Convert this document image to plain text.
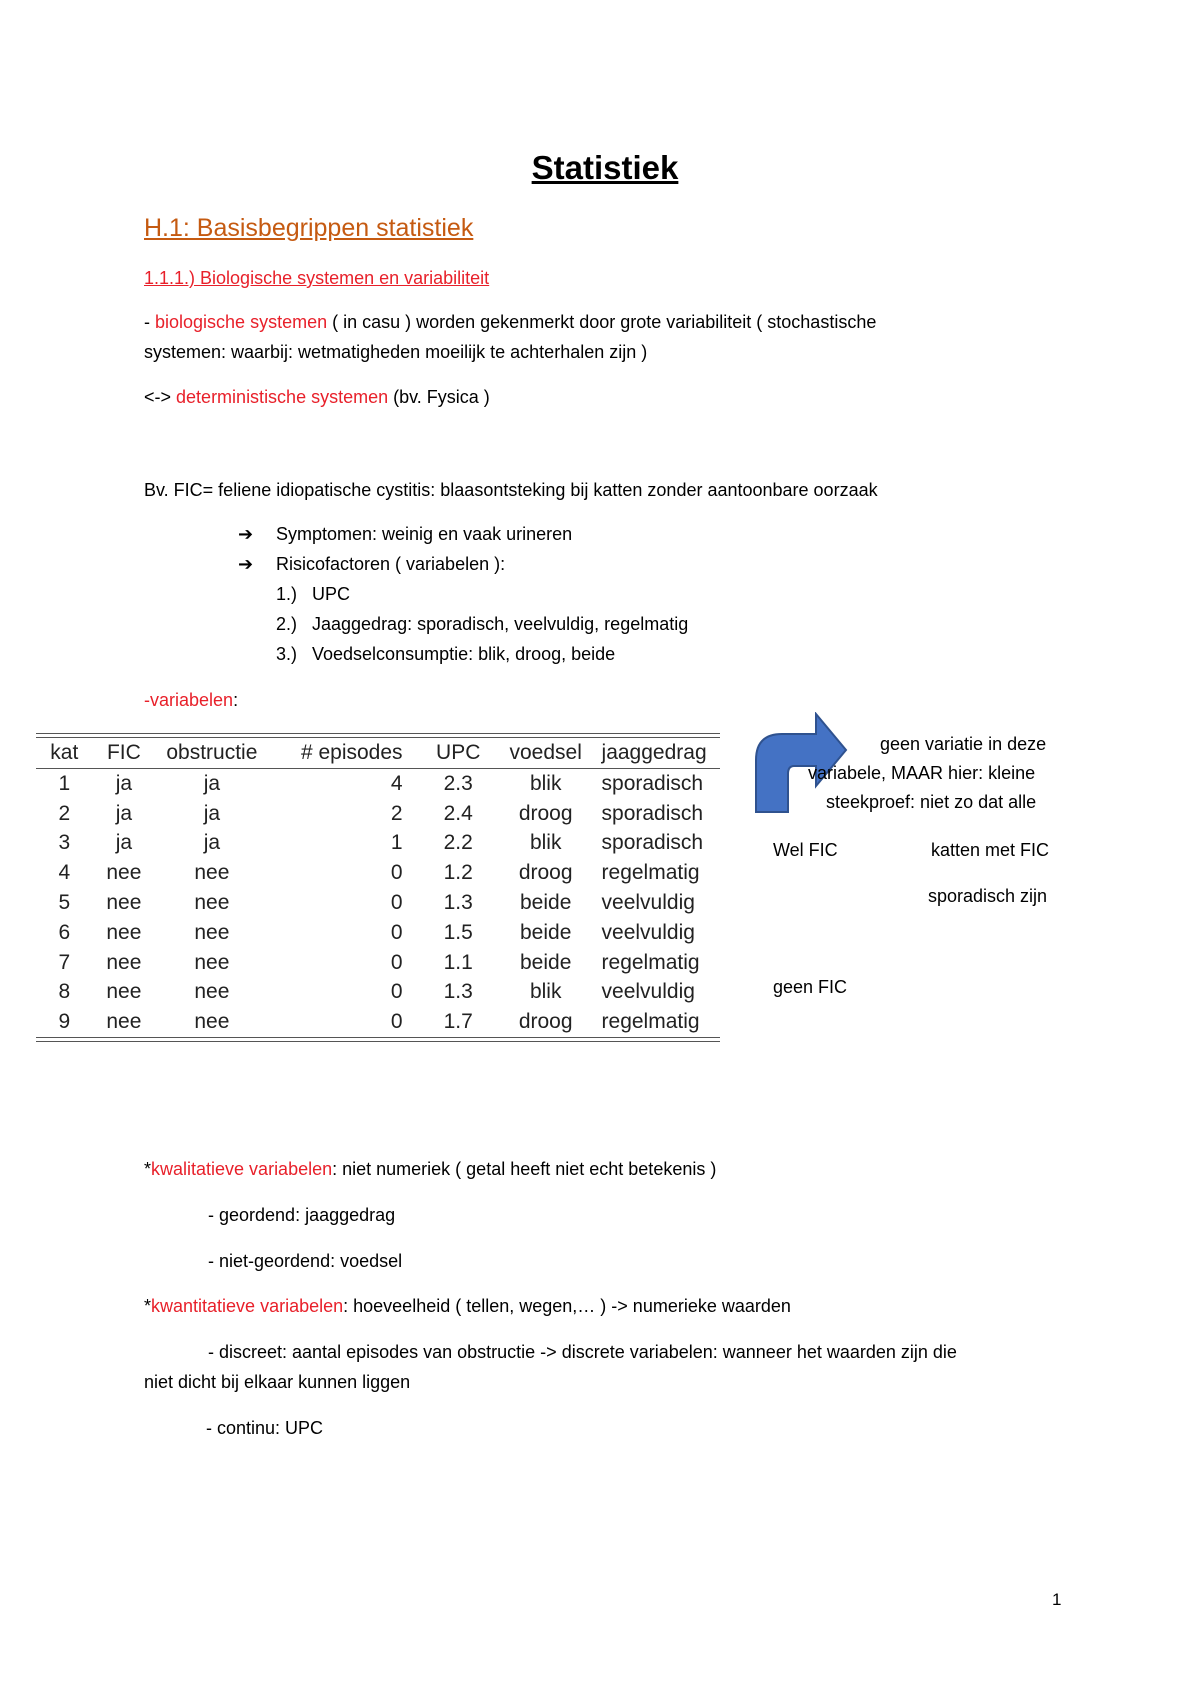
Statistiek
H.1: Basisbegrippen statistiek
1.1.1.) Biologische systemen en variabiliteit
- biologische systemen ( in casu ) worden gekenmerkt door grote variabiliteit ( stochastische
systemen: waarbij: wetmatigheden moeilijk te achterhalen zijn )
<-> deterministische systemen (bv. Fysica )
Bv. FIC= feliene idiopatische cystitis: blaasontsteking bij katten zonder aantoonbare oorzaak
➔ Symptomen: weinig en vaak urineren
➔ Risicofactoren ( variabelen ):
1.) UPC
2.) Jaaggedrag: sporadisch, veelvuldig, regelmatig
3.) Voedselconsumptie: blik, droog, beide
-variabelen:
kat	FIC	obstructie	# episodes	UPC	voedsel	jaaggedrag

1	ja	ja	4	2.3	blik	sporadisch
2	ja	ja	2	2.4	droog	sporadisch
3	ja	ja	1	2.2	blik	sporadisch
4	nee	nee	0	1.2	droog	regelmatig
5	nee	nee	0	1.3	beide	veelvuldig
6	nee	nee	0	1.5	beide	veelvuldig
7	nee	nee	0	1.1	beide	regelmatig
8	nee	nee	0	1.3	blik	veelvuldig
9	nee	nee	0	1.7	droog	regelmatig
geen variatie in deze
variabele, MAAR hier: kleine
steekproef: niet zo dat alle
Wel FIC	katten met FIC
sporadisch zijn
geen FIC
*kwalitatieve variabelen: niet numeriek ( getal heeft niet echt betekenis )
- geordend: jaaggedrag
- niet-geordend: voedsel
*kwantitatieve variabelen: hoeveelheid ( tellen, wegen,… ) -> numerieke waarden
- discreet: aantal episodes van obstructie -> discrete variabelen: wanneer het waarden zijn die
niet dicht bij elkaar kunnen liggen
- continu: UPC
1
